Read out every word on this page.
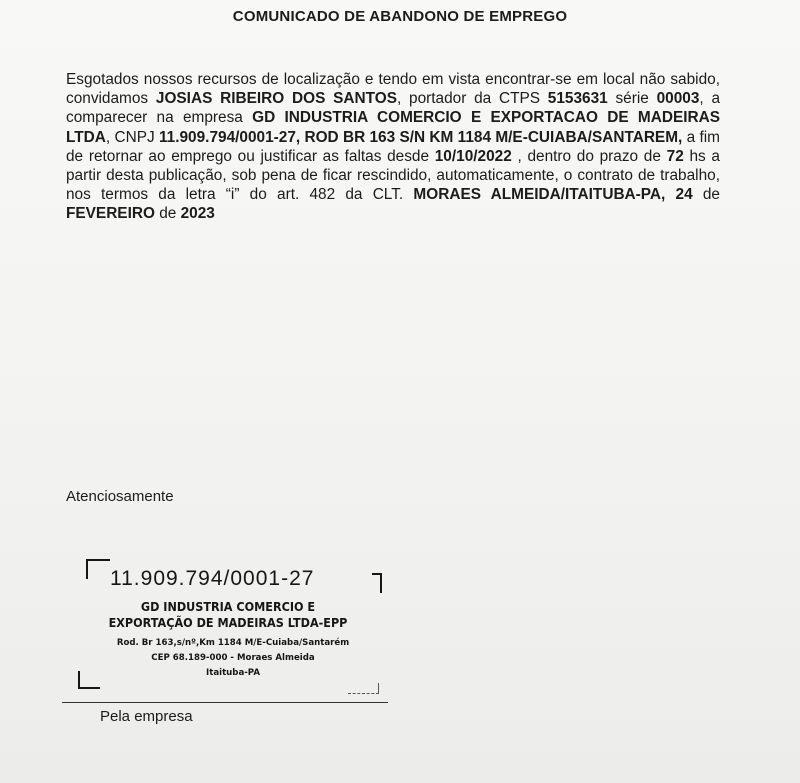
COMUNICADO DE ABANDONO DE EMPREGO
Esgotados nossos recursos de localização e tendo em vista encontrar-se em local não sabido, convidamos JOSIAS RIBEIRO DOS SANTOS, portador da CTPS 5153631 série 00003, a comparecer na empresa GD INDUSTRIA COMERCIO E EXPORTACAO DE MADEIRAS LTDA, CNPJ 11.909.794/0001-27, ROD BR 163 S/N KM 1184 M/E-CUIABA/SANTAREM, a fim de retornar ao emprego ou justificar as faltas desde 10/10/2022 , dentro do prazo de 72 hs a partir desta publicação, sob pena de ficar rescindido, automaticamente, o contrato de trabalho, nos termos da letra “i” do art. 482 da CLT. MORAES ALMEIDA/ITAITUBA-PA, 24 de FEVEREIRO de 2023
Atenciosamente
11.909.794/0001-27
GD INDUSTRIA COMERCIO E
EXPORTAÇÃO DE MADEIRAS LTDA-EPP
Rod. Br 163,s/nº,Km 1184 M/E-Cuiaba/Santarém
CEP 68.189-000 - Moraes Almeida
Itaituba-PA
Pela empresa
